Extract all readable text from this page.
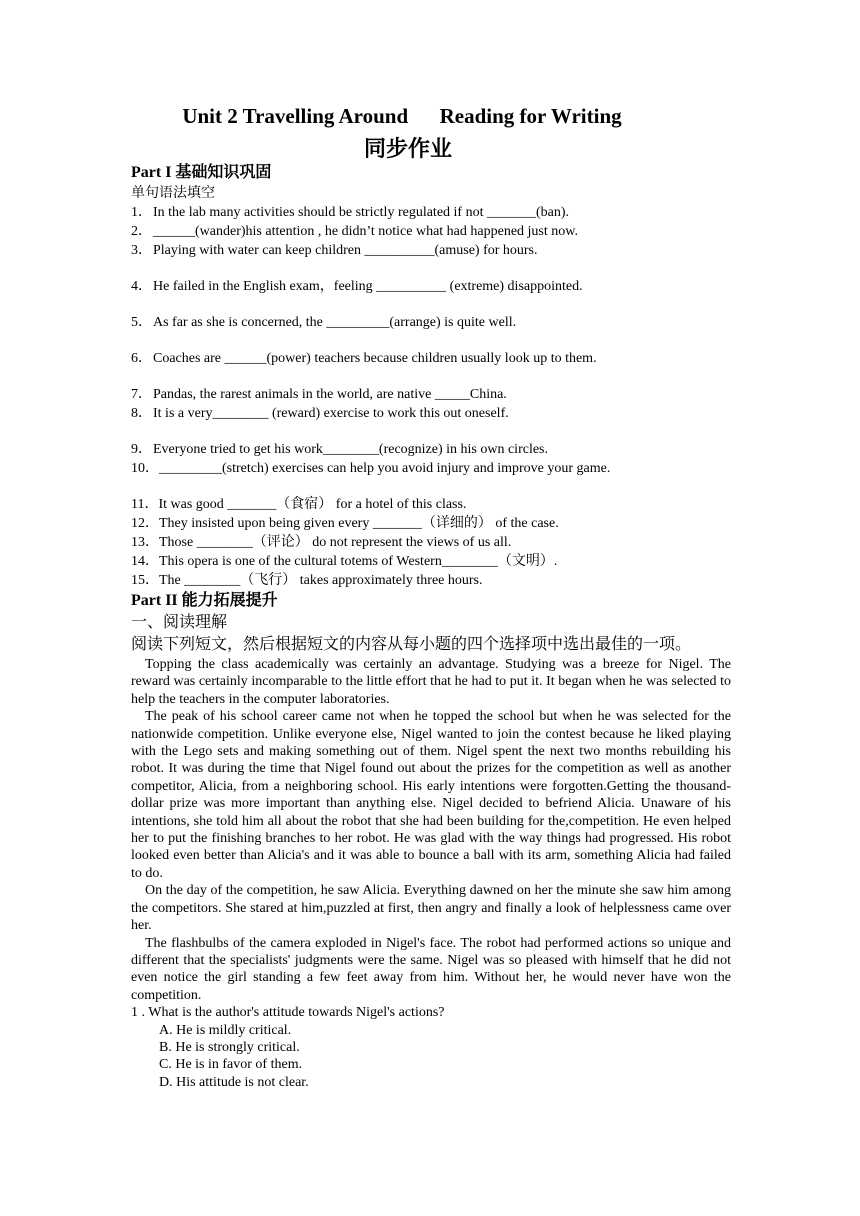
Unit 2 Travelling Around      Reading for Writing
同步作业
Part I 基础知识巩固
单句语法填空
1．In the lab many activities should be strictly regulated if not _______(ban).
2．______(wander)his attention , he didn’t notice what had happened just now.
3．Playing with water can keep children __________(amuse) for hours.
4．He failed in the English exam，feeling __________ (extreme) disappointed.
5．As far as she is concerned, the _________(arrange) is quite well.
6．Coaches are ______(power) teachers because children usually look up to them.
7．Pandas, the rarest animals in the world, are native _____China.
8．It is a very________ (reward) exercise to work this out oneself.
9．Everyone tried to get his work________(recognize) in his own circles.
10．_________(stretch) exercises can help you avoid injury and improve your game.
11．It was good _______（食宿） for a hotel of this class.
12．They insisted upon being given every _______（详细的） of the case.
13．Those ________（评论） do not represent the views of us all.
14．This opera is one of the cultural totems of Western________（文明）.
15．The ________（飞行） takes approximately three hours.
Part II 能力拓展提升
一、阅读理解
阅读下列短文，然后根据短文的内容从每小题的四个选择项中选出最佳的一项。
Topping the class academically was certainly an advantage. Studying was a breeze for Nigel. The reward was certainly incomparable to the little effort that he had to put it. It began when he was selected to help the teachers in the computer laboratories.
The peak of his school career came not when he topped the school but when he was selected for the nationwide competition. Unlike everyone else, Nigel wanted to join the contest because he liked playing with the Lego sets and making something out of them. Nigel spent the next two months rebuilding his robot. It was during the time that Nigel found out about the prizes for the competition as well as another competitor, Alicia, from a neighboring school. His early intentions were forgotten.Getting the thousand-dollar prize was more important than anything else. Nigel decided to befriend Alicia. Unaware of his intentions, she told him all about the robot that she had been building for the,competition. He even helped her to put the finishing branches to her robot. He was glad with the way things had progressed. His robot looked even better than Alicia's and it was able to bounce a ball with its arm, something Alicia had failed to do.
On the day of the competition, he saw Alicia. Everything dawned on her the minute she saw him among the competitors. She stared at him,puzzled at first, then angry and finally a look of helplessness came over her.
The flashbulbs of the camera exploded in Nigel's face. The robot had performed actions so unique and different that the specialists' judgments were the same. Nigel was so pleased with himself that he did not even notice the girl standing a few feet away from him. Without her, he would never have won the competition.
1 . What is the author's attitude towards Nigel's actions?
A. He is mildly critical.
B. He is strongly critical.
C. He is in favor of them.
D. His attitude is not clear.
